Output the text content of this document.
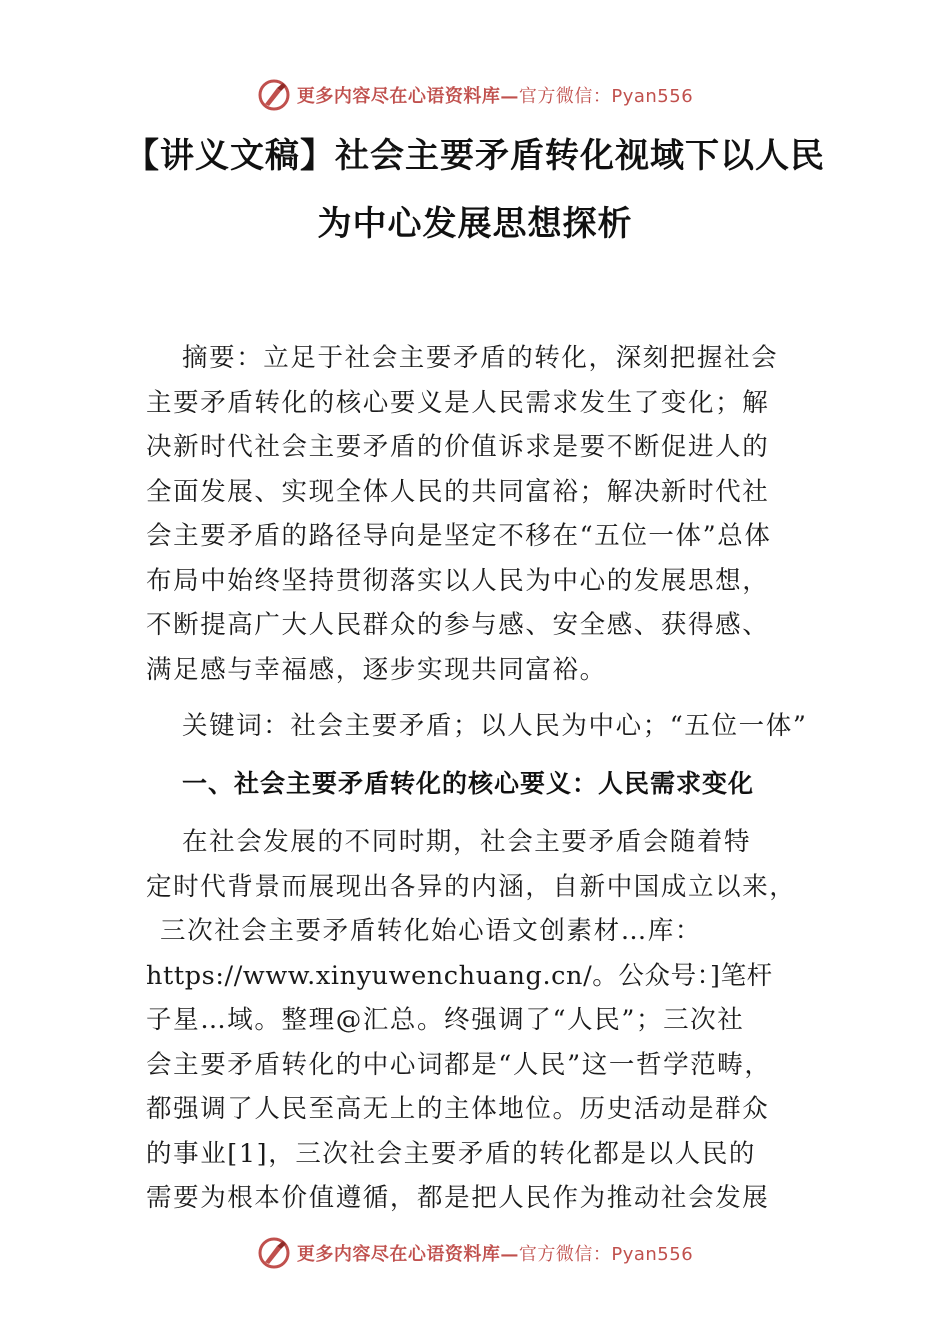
更多内容尽在心语资料库—官方微信：Pyan556
【讲义文稿】社会主要矛盾转化视域下以人民
为中心发展思想探析
摘要：立足于社会主要矛盾的转化，深刻把握社会
主要矛盾转化的核心要义是人民需求发生了变化；解
决新时代社会主要矛盾的价值诉求是要不断促进人的
全面发展、实现全体人民的共同富裕；解决新时代社
会主要矛盾的路径导向是坚定不移在“五位一体”总体
布局中始终坚持贯彻落实以人民为中心的发展思想，
不断提高广大人民群众的参与感、安全感、获得感、
满足感与幸福感，逐步实现共同富裕。
关键词：社会主要矛盾；以人民为中心；“五位一体”
一、社会主要矛盾转化的核心要义：人民需求变化
在社会发展的不同时期，社会主要矛盾会随着特
定时代背景而展现出各异的内涵，自新中国成立以来，
三次社会主要矛盾转化始心语文创素材…库：
https://www.xinyuwenchuang.cn/。公众号：]笔杆
子星…域。整理@汇总。终强调了“人民”；三次社
会主要矛盾转化的中心词都是“人民”这一哲学范畴，
都强调了人民至高无上的主体地位。历史活动是群众
的事业[1]，三次社会主要矛盾的转化都是以人民的
需要为根本价值遵循，都是把人民作为推动社会发展
更多内容尽在心语资料库—官方微信：Pyan556
